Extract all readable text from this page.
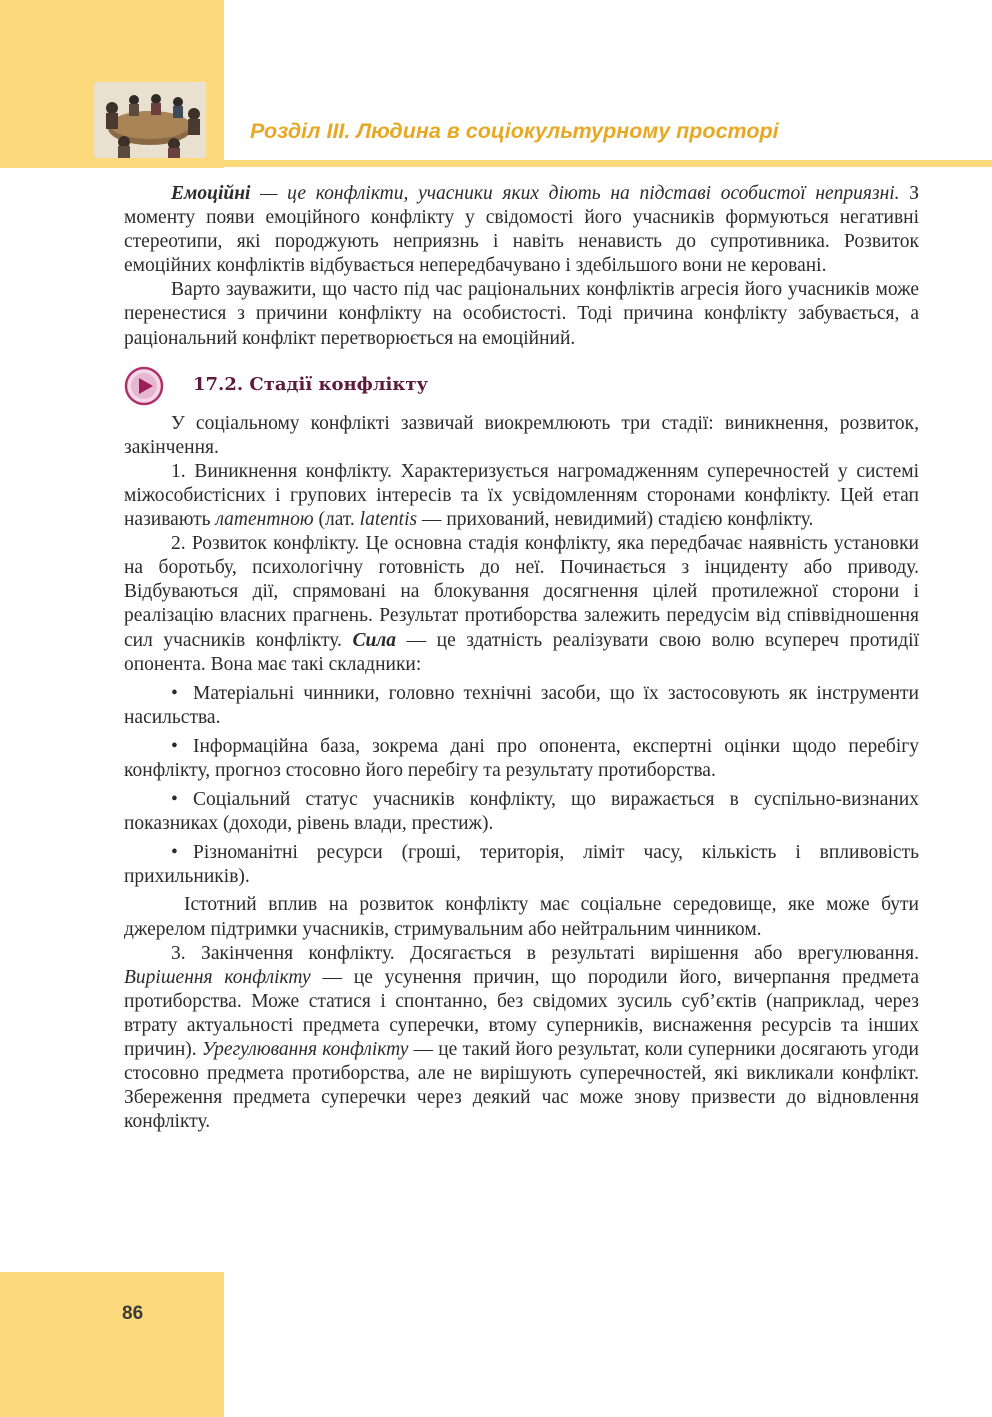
Розділ ІІІ. Людина в соціокультурному просторі

Емоційні — це конфлікти, учасники яких діють на підставі особистої неприязні. З моменту появи емоційного конфлікту у свідомості його учасників формуються негативні стереотипи, які породжують неприязнь і навіть ненависть до супротивника. Розвиток емоційних конфліктів відбувається непередбачувано і здебільшого вони не керовані.

Варто зауважити, що часто під час раціональних конфліктів агресія його учасників може перенестися з причини конфлікту на особистості. Тоді причина конфлікту забувається, а раціональний конфлікт перетворюється на емоційний.

17.2. Стадії конфлікту

У соціальному конфлікті зазвичай виокремлюють три стадії: виникнення, розвиток, закінчення.

1. Виникнення конфлікту. Характеризується нагромадженням суперечностей у системі міжособистісних і групових інтересів та їх усвідомленням сторонами конфлікту. Цей етап називають латентною (лат. latentis — прихований, невидимий) стадією конфлікту.

2. Розвиток конфлікту. Це основна стадія конфлікту, яка передбачає наявність установки на боротьбу, психологічну готовність до неї. Починається з інциденту або приводу. Відбуваються дії, спрямовані на блокування досягнення цілей протилежної сторони і реалізацію власних прагнень. Результат протиборства залежить передусім від співвідношення сил учасників конфлікту. Сила — це здатність реалізувати свою волю всупереч протидії опонента. Вона має такі складники:

• Матеріальні чинники, головно технічні засоби, що їх застосовують як інструменти насильства.

• Інформаційна база, зокрема дані про опонента, експертні оцінки щодо перебігу конфлікту, прогноз стосовно його перебігу та результату протиборства.

• Соціальний статус учасників конфлікту, що виражається в суспільно-визнаних показниках (доходи, рівень влади, престиж).

• Різноманітні ресурси (гроші, територія, ліміт часу, кількість і впливовість прихильників).

Істотний вплив на розвиток конфлікту має соціальне середовище, яке може бути джерелом підтримки учасників, стримувальним або нейтральним чинником.

3. Закінчення конфлікту. Досягається в результаті вирішення або врегулювання. Вирішення конфлікту — це усунення причин, що породили його, вичерпання предмета протиборства. Може статися і спонтанно, без свідомих зусиль суб’єктів (наприклад, через втрату актуальності предмета суперечки, втому суперників, виснаження ресурсів та інших причин). Урегулювання конфлікту — це такий його результат, коли суперники досягають угоди стосовно предмета протиборства, але не вирішують суперечностей, які викликали конфлікт. Збереження предмета суперечки через деякий час може знову призвести до відновлення конфлікту.

86
